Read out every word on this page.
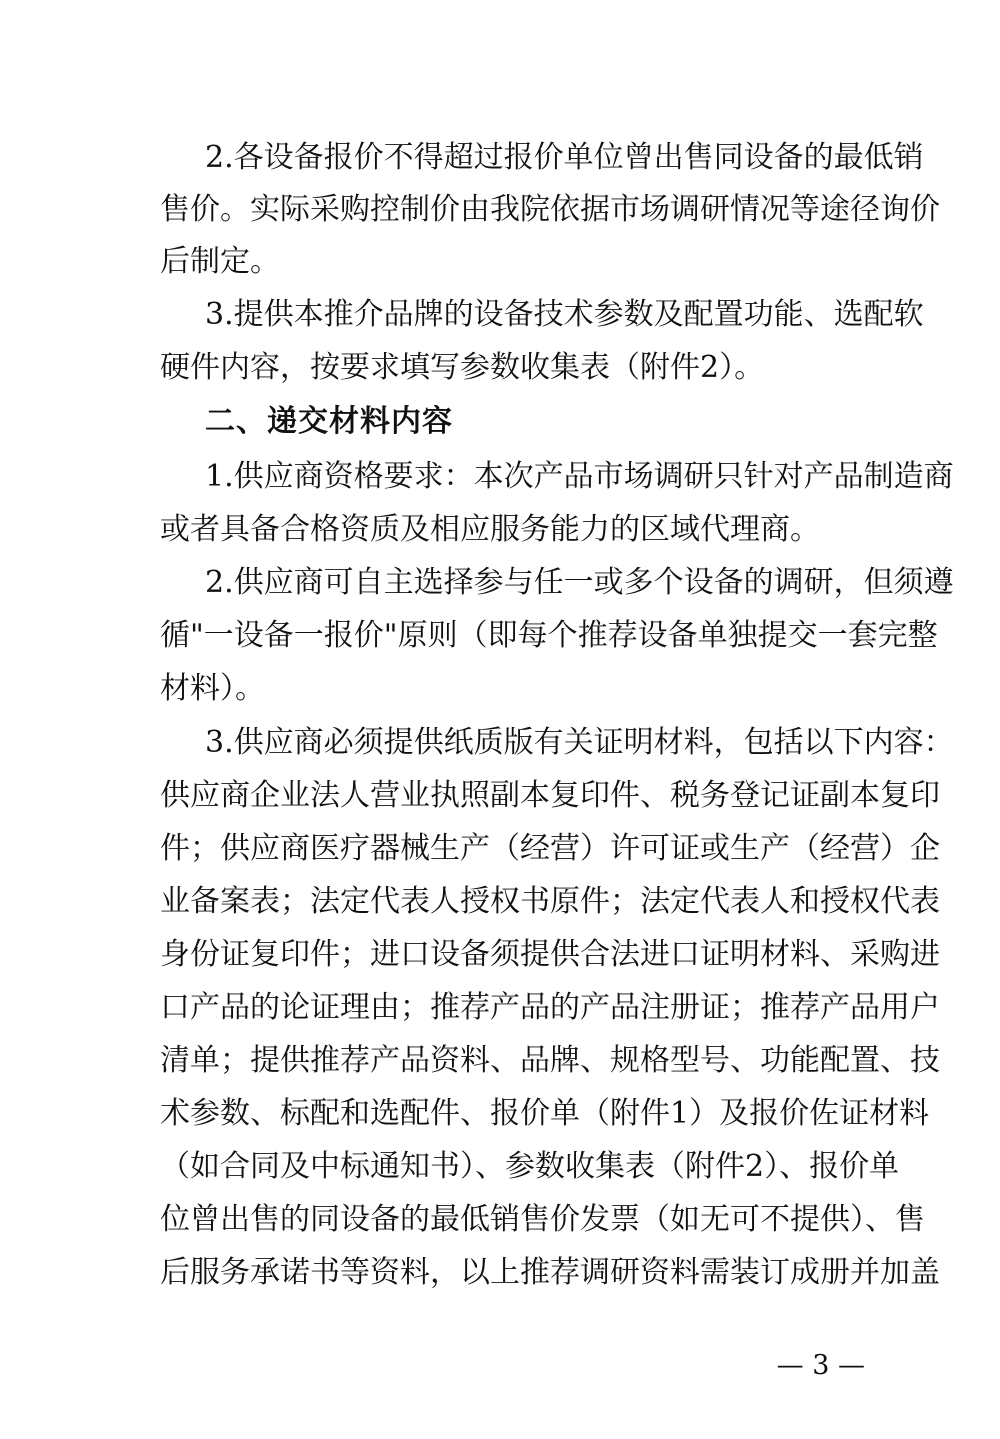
2.各设备报价不得超过报价单位曾出售同设备的最低销
售价。实际采购控制价由我院依据市场调研情况等途径询价
后制定。
3.提供本推介品牌的设备技术参数及配置功能、选配软
硬件内容，按要求填写参数收集表（附件2）。
二、递交材料内容
1.供应商资格要求：本次产品市场调研只针对产品制造商
或者具备合格资质及相应服务能力的区域代理商。
2.供应商可自主选择参与任一或多个设备的调研，但须遵
循"一设备一报价"原则（即每个推荐设备单独提交一套完整
材料）。
3.供应商必须提供纸质版有关证明材料，包括以下内容：
供应商企业法人营业执照副本复印件、税务登记证副本复印
件；供应商医疗器械生产（经营）许可证或生产（经营）企
业备案表；法定代表人授权书原件；法定代表人和授权代表
身份证复印件；进口设备须提供合法进口证明材料、采购进
口产品的论证理由；推荐产品的产品注册证；推荐产品用户
清单；提供推荐产品资料、品牌、规格型号、功能配置、技
术参数、标配和选配件、报价单（附件1）及报价佐证材料
（如合同及中标通知书）、参数收集表（附件2）、报价单
位曾出售的同设备的最低销售价发票（如无可不提供）、售
后服务承诺书等资料，以上推荐调研资料需装订成册并加盖
— 3 —
